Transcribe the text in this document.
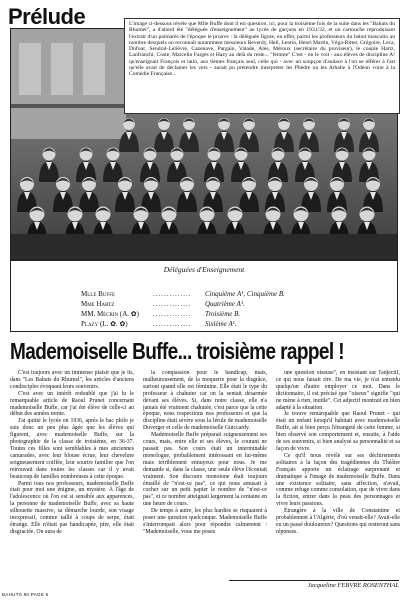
Prélude	L'image ci-dessous révèle que Mlle Buffe dont il est question, ici, pour la troisième fois de la suite dans les "Bahuts du Rhumel", a d'abord été "déléguée d'enseignement" au lycée de garçons en 1931/32, et un cartouche reproduisant l'extrait d'un palmarès de l'époque le prouve : la déléguée figure, en effet, parmi les professeurs du bahut masculin au nombre desquels on reconnaît notamment messieurs Reverdy, Hell, Lentin, Henri Martin, Véga-Ritter, Grégoire, Leca, Dufour, Sendral-Lelièvre, Cazenave, Pargain, Valade, Alès, Méroux (secrétaire du proviseur), le couple Hartz, Lanfranchi, Coste, Marcelin Fargès et Hazy au delà du reste... "femme" C'est - on le voit - aux élèves de discipline A! qu'enseignait François et latin, aux 6èmes français seul, celle qui - avec un soupçon d'audace à l'on se référer à l'art qu'elle avait de déclamer les vers - aurait pu prétendre interpréter les Phèdre ou les Athalie à l'Odéon voire à la Comédie Française...
Déléguées d'Enseignement
Mlle Buffe	..............	Cinquième A¹, Cinquième B.
Mme Hartz	..............	Quatrième A¹.
MM. Mécrin (A. ✿)	..............	Troisième B.
Plazy (L. ✿. ✿)	..............	Sixième A¹.
Mademoiselle Buffe... troisième rappel !

C'est toujours avec un immense plaisir que je lis, dans "Les Bahuts du Rhumel", les articles d'anciens condisciples évoquant leurs souvenirs.

C'est avec un intérêt redoublé que j'ai lu le remarquable article de Raoul Prunet concernant mademoiselle Buffe, car j'ai été élève de celle-ci au début des années trente.

J'ai quitté le lycée en 1936, après le bac philo je suis donc un peu plus âgée que les élèves qui figurent, avec mademoiselle Buffe, sur la photographie de la classe de troisième, en 36-37. Toutes ces filles sont semblables à mes anciennes camarades, avec leur blouse écrue, leur chevelure soigneusement coiffée, leur sourire familier que l'on retrouvait dans toutes les classes car il y avait beaucoup de familles nombreuses à cette époque.

Parmi tous nos professeurs, mademoiselle Buffe était pour moi une énigme, un mystère. À l'âge de l'adolescence où l'on est si sensible aux apparences, la personne de mademoiselle Buffe, avec sa haute silhouette massive, sa démarche lourde, son visage inexpressif, comme taillé à coups de serpe, était étrange. Elle n'était pas handicapée, pire, elle était disgraciée. On aura de

la compassion pour le handicap, mais, malheureusement, de la moquerie pour la disgrâce, surtout quand elle est féminine. Elle était le type du professeur à chahuter car on la sentait désarmée devant ses élèves. Si, dans notre classe, elle n'a jamais été vraiment chahutée, c'est parce que la cette époque, nous respections nos professeurs et que la discipline était sévère sous la férule de mademoiselle Duverger et celle de mademoiselle Guiccardy.

Mademoiselle Buffe préparait soigneusement ses cours, mais, entre elle et ses élèves, le courant ne passait pas. Son cours était un interminable monologue, probablement intéressant en lui-même mais terriblement ennuyeux pour nous. Je me demande si, dans la classe, une seule élève l'écoutait vraiment. Son discours monotone était toujours émaillé de "n'est-ce pas", ce qui nous amusait à cocher sur un petit papier le nombre de "n'est-ce pas", et ce nombre atteignait largement la centaine en une heure de cours.

De temps à autre, les plus hardies se risquaient à poser une question quelconque. Mademoiselle Buffe s'interrompait alors pour répondre calmement : "Mademoiselle, vous me posez

une question oiseuse", en insistant sur l'adjectif, ce qui nous faisait rire. De ma vie, je n'ai entendu quelqu'un d'autre employer ce mot. Dans le dictionnaire, il est précisé que "oiseux" signifie "qui ne mène à rien, inutile". Cet adjectif montrait en bien adapté à la situation.

Je trouve remarquable que Raoul Prunet - qui était un enfant lorsqu'il habitait avec mademoiselle Buffe, ait si bien perçu l'étrangeté de cette femme, si bien observé son comportement et, ensuite, à l'aide de ses souvenirs, si bien analysé sa personnalité et sa façon de vivre.

Ce qu'il nous révèle sur ses déchirements solitaires à la façon des tragédiennes du Théâtre Français apporte un éclairage surprenant et dramatique à l'image de mademoiselle Buffe. Dans une existence solitaire, sans affection, n'avait, comme refuge comme consolation, que de vivre dans la fiction, entrer dans la peau des personnages et vivre leurs passions.

Étrangère à la ville de Constantine et probablement à l'Algérie, d'où venait-elle? Avait-elle eu un passé douloureux? Questions qui resteront sans réponses.

Jacqueline FEBVRE ROSENTHAL
BAHUTS 80 PAGE 6
